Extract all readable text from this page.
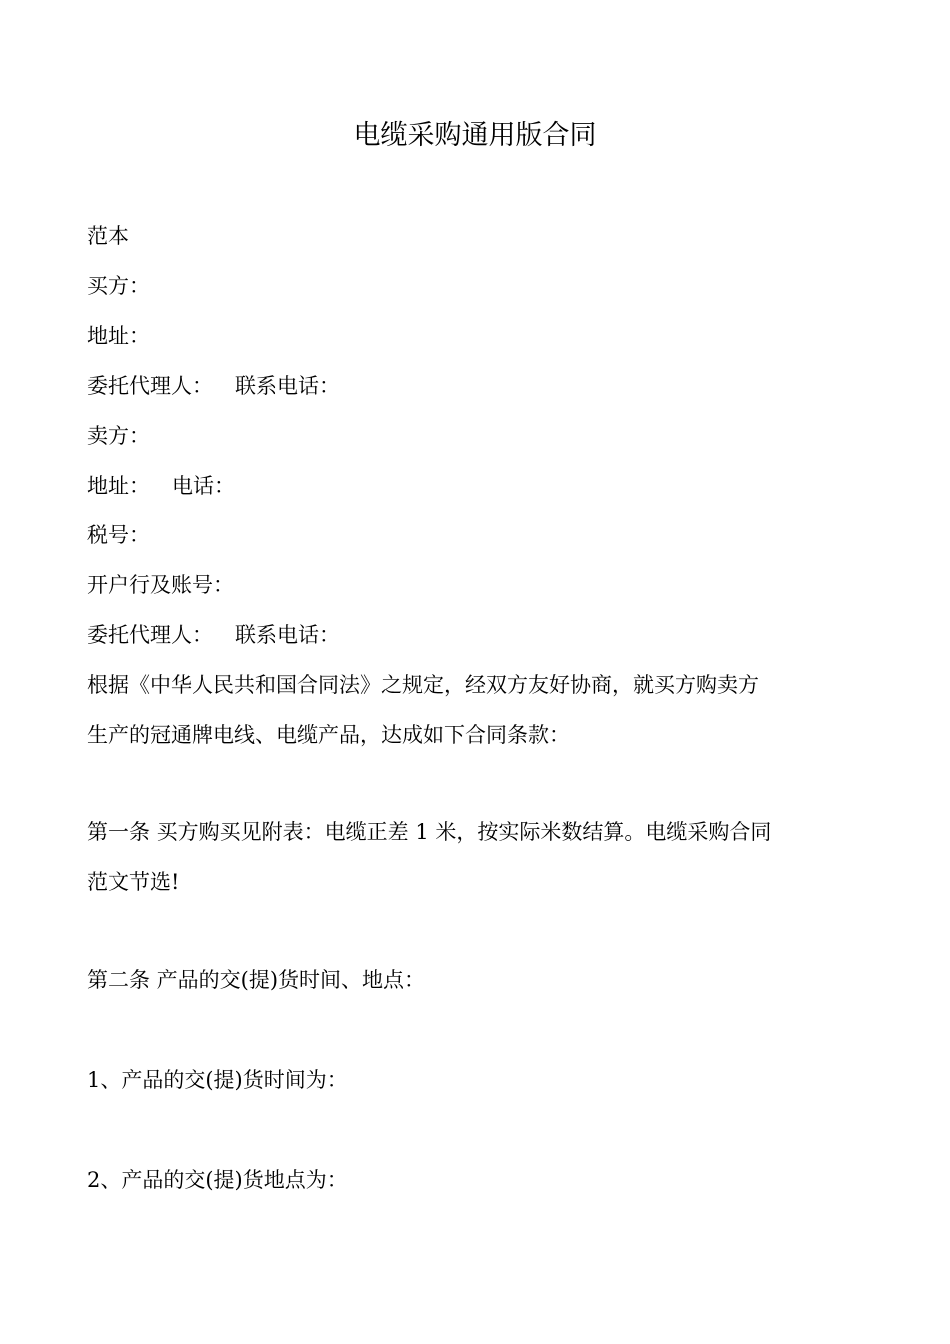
电缆采购通用版合同

范本

买方：

地址：

委托代理人： 联系电话：

卖方：

地址： 电话：

税号：

开户行及账号：

委托代理人： 联系电话：

根据《中华人民共和国合同法》之规定，经双方友好协商，就买方购卖方

生产的冠通牌电线、电缆产品，达成如下合同条款：

第一条 买方购买见附表：电缆正差 1 米，按实际米数结算。电缆采购合同

范文节选!

第二条 产品的交(提)货时间、地点：

1、产品的交(提)货时间为：

2、产品的交(提)货地点为：
